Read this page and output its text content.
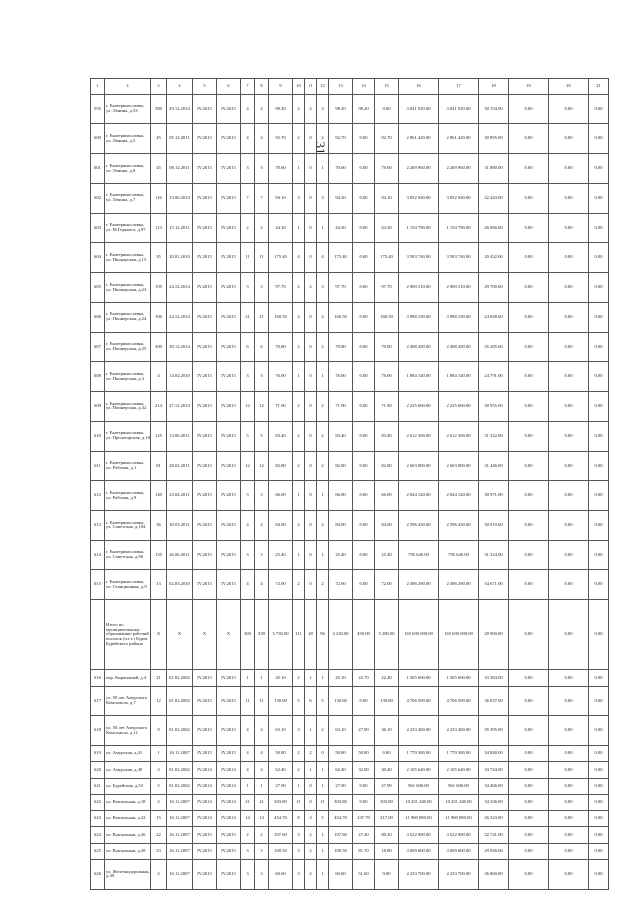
31
1	2	3	4	5	6	7	8	9	10	11	12	13	14	15	16	17	18	19	20	21
595	г. Екатеринославка, ул. Ленина, д.53	380	29.12.2014	IV.2015	IV.2015	4	4	98.20	2	2	3	98.20	98.20	0.00	3 041 920.00	3 041 920.00	30 154.00	0.00	0.00	0.00
600	г. Екатеринославка, ул. Ленина, д.5	45	05.12.2011	IV.2015	IV.2015	4	4	92.70	2	0	2	92.70	0.00	92.70	2 861 420.00	2 861 420.00	30 895.00	0.00	0.00	0.00
601	г. Екатеринославка, ул. Ленина, д.8	45	08.12.2011	IV.2015	IV.2015	3	3	70.60	1	0	1	70.60	0.00	70.60	2 269 960.00	2 269 960.00	31 880.00	0.00	0.00	0.00
602	г. Екатеринославка, ул. Ленина, д.7	116	13.06.2014	IV.2015	IV.2015	7	7	94.10	3	0	3	94.30	0.00	94.10	3 052 940.00	3 052 940.00	32 443.00	0.00	0.00	0.00
603	г. Екатеринославка, ул. М.Горького, д.97	113	15.12.2011	IV.2015	IV.2015	2	2	44.30	1	0	1	44.30	0.00	44.30	1 154 790.00	1 154 790.00	26 066.00	0.00	0.00	0.00
604	г. Екатеринославка, ул. Пионерская, д.15	35	20.01.2010	IV.2015	IV.2015	11	11	175.40	4	0	4	175.40	0.00	175.40	3 583 740.00	3 583 740.00	20 432.00	0.00	0.00	0.00
605	г. Екатеринославка, ул. Пионерская, д.23	195	24.12.2014	IV.2015	IV.2015	3	3	97.70	2	2	3	97.70	0.00	97.70	2 900 210.00	2 900 210.00	29 700.00	0.00	0.00	0.00
606	г. Екатеринославка, ул. Пионерская, д.24	106	24.12.2014	IV.2015	IV.2015	21	21	160.50	4	0	4	160.50	0.00	160.50	3 988 230.00	3 988 230.00	24 848.00	0.00	0.00	0.00
607	г. Екатеринославка, ул. Пионерская, д.25	300	30.12.2014	IV.2015	IV.2015	6	6	70.80	2	0	2	70.80	0.00	70.80	2 498 200.00	2 498 200.00	35 285.00	0.00	0.00	0.00
608	г. Екатеринославка, ул. Пионерская, д.3	4	14.02.2010	IV.2015	IV.2015	3	3	76.00	1	0	1	76.00	0.00	76.00	1 884 140.00	1 884 140.00	24 791.00	0.00	0.00	0.00
609	г. Екатеринославка, ул. Пионерская, д.32	214	27.12.2014	IV.2015	IV.2015	12	12	71.90	2	0	2	71.90	0.00	71.90	2 225 660.00	2 225 660.00	30 955.00	0.00	0.00	0.00
610	г. Екатеринославка, ул. Пролетарская, д.10	125	13.06.2011	IV.2015	IV.2015	5	5	83.40	2	0	2	83.40	0.00	83.40	2 612 300.00	2 612 300.00	31 322.00	0.00	0.00	0.00
611	г. Екатеринославка, ул. Рабочая, д.1	81	28.02.2011	IV.2015	IV.2015	12	12	82.80	2	0	2	82.80	0.00	82.80	2 603 800.00	2 603 800.00	31 446.00	0.00	0.00	0.00
612	г. Екатеринославка, ул. Рабочая, д.9	140	23.04.2011	IV.2015	IV.2015	3	3	66.00	1	0	1	66.00	0.00	66.00	2 044 120.00	2 044 120.00	30 971.00	0.00	0.00	0.00
613	г. Екатеринославка, ул. Советская, д.104	36	30.03.2011	IV.2015	IV.2015	4	4	84.00	2	0	2	84.00	0.00	84.00	2 596 430.00	2 596 430.00	30 910.00	0.00	0.00	0.00
614	г. Екатеринославка, ул. Советская, д.96	135	26.06.2011	IV.2015	IV.2015	3	3	25.40	1	0	1	25.40	0.00	25.40	795 640.00	795 640.00	31 324.00	0.00	0.00	0.00
615	г. Екатеринославка, ул. Станционная, д.9	13	02.03.2010	IV.2015	IV.2015	4	4	72.00	2	0	2	72.00	0.00	72.00	2 496 290.00	2 496 290.00	34 671.00	0.00	0.00	0.00
	Итого по муниципальному образованию рабочий поселок (п.г.т.) Бурея Бурейского района	X	X	X	X	369	339	5 730.00	111	28	96	4 230.00	450.00	5 280.00	165 600 000.00	165 600 000.00	28 900.00	0.00	0.00	0.00
616	пер. Кирпичный, д.4	21	01.02.2002	IV.2015	IV.2015	1	1	45.10	2	1	1	45.10	22.70	22.40	1 505 600.00	1 505 600.00	33 384.00	0.00	0.00	0.00
617	ул. 50 лет Амурского Комсомола, д.7	12	01.02.2002	IV.2015	IV.2015	11	11	130.00	5	6	5	130.60	0.00	130.60	4 706 500.00	4 706 500.00	36 037.00	0.00	0.00	0.00
618	ул. 50 лет Амурского Комсомола, д.11	9	01.02.2002	IV.2015	IV.2015	4	4	63.10	3	1	2	63.10	27.00	36.10	2 233 400.00	2 233 400.00	35 395.00	0.00	0.00	0.00
619	ул. Амурская, д.41	1	16.11.2007	IV.2015	IV.2015	4	4	50.80	2	2	0	50.80	50.80	0.00	1 770 300.00	1 770 300.00	34 848.00	0.00	0.00	0.00
620	ул. Амурская, д.49	3	01.02.2002	IV.2014	IV.2014	4	4	62.40	2	1	1	62.40	32.00	30.40	2 105 640.00	2 105 640.00	33 744.00	0.00	0.00	0.00
621	ул. Бурейская, д.53	5	01.02.2002	IV.2014	IV.2014	1	1	27.90	1	0	1	27.90	0.00	27.90	961 600.00	961 600.00	34 466.00	0.00	0.00	0.00
622	ул. Вокзальная, д.18	4	16.11.2007	IV.2014	IV.2014	21	21	303.80	11	0	11	303.80	0.00	303.80	10 431 240.00	10 431 240.00	34 336.00	0.00	0.00	0.00
623	ул. Вокзальная, д.22	15	16.11.2007	IV.2014	IV.2014	14	14	454.70	8	3	5	454.70	237.70	217.00	11 969 080.00	11 969 080.00	26 323.00	0.00	0.00	0.00
624	ул. Вокзальная, д.26	22	16.11.2007	IV.2015	IV.2015	2	2	107.60	3	2	1	107.60	27.40	80.20	3 522 900.00	3 522 900.00	32 741.00	0.00	0.00	0.00
625	ул. Вокзальная, д.28	23	16.11.2007	IV.2015	IV.2015	3	3	100.50	3	2	1	100.50	81.70	18.80	3 009 600.00	3 009 600.00	29 946.00	0.00	0.00	0.00
626	ул. Железнодорожная, д.40	4	16.11.2007	IV.2015	IV.2015	3	3	60.60	3	2	1	60.60	51.60	9.00	2 233 700.00	2 233 700.00	36 860.00	0.00	0.00	0.00
